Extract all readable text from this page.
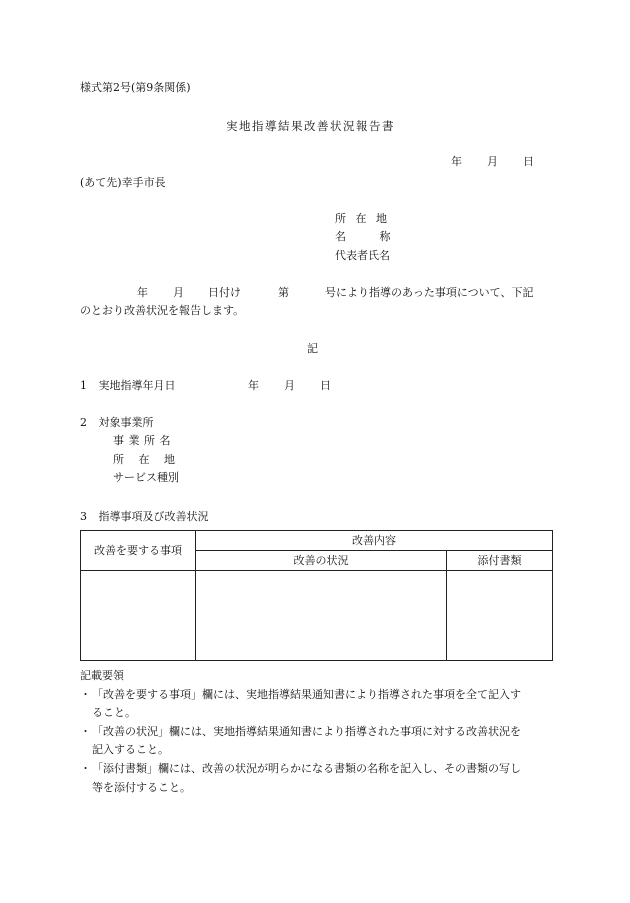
様式第2号(第9条関係)
実地指導結果改善状況報告書
年 月 日
(あて先)幸手市長
所 在 地
名 称
代表者氏名
年 月 日付け	第	号により指導のあった事項について、下記
のとおり改善状況を報告します。
記
1 実地指導年月日	年 月 日
2 対象事業所
事 業 所 名
所 在 地
サービス種別
3 指導事項及び改善状況
改善を要する事項	改善内容	
	改善の状況	添付書類

記載要領
・ 「改善を要する事項」欄には、実地指導結果通知書により指導された事項を全て記入す
ること。
・ 「改善の状況」欄には、実地指導結果通知書により指導された事項に対する改善状況を
記入すること。
・ 「添付書類」欄には、改善の状況が明らかになる書類の名称を記入し、その書類の写し
等を添付すること。
